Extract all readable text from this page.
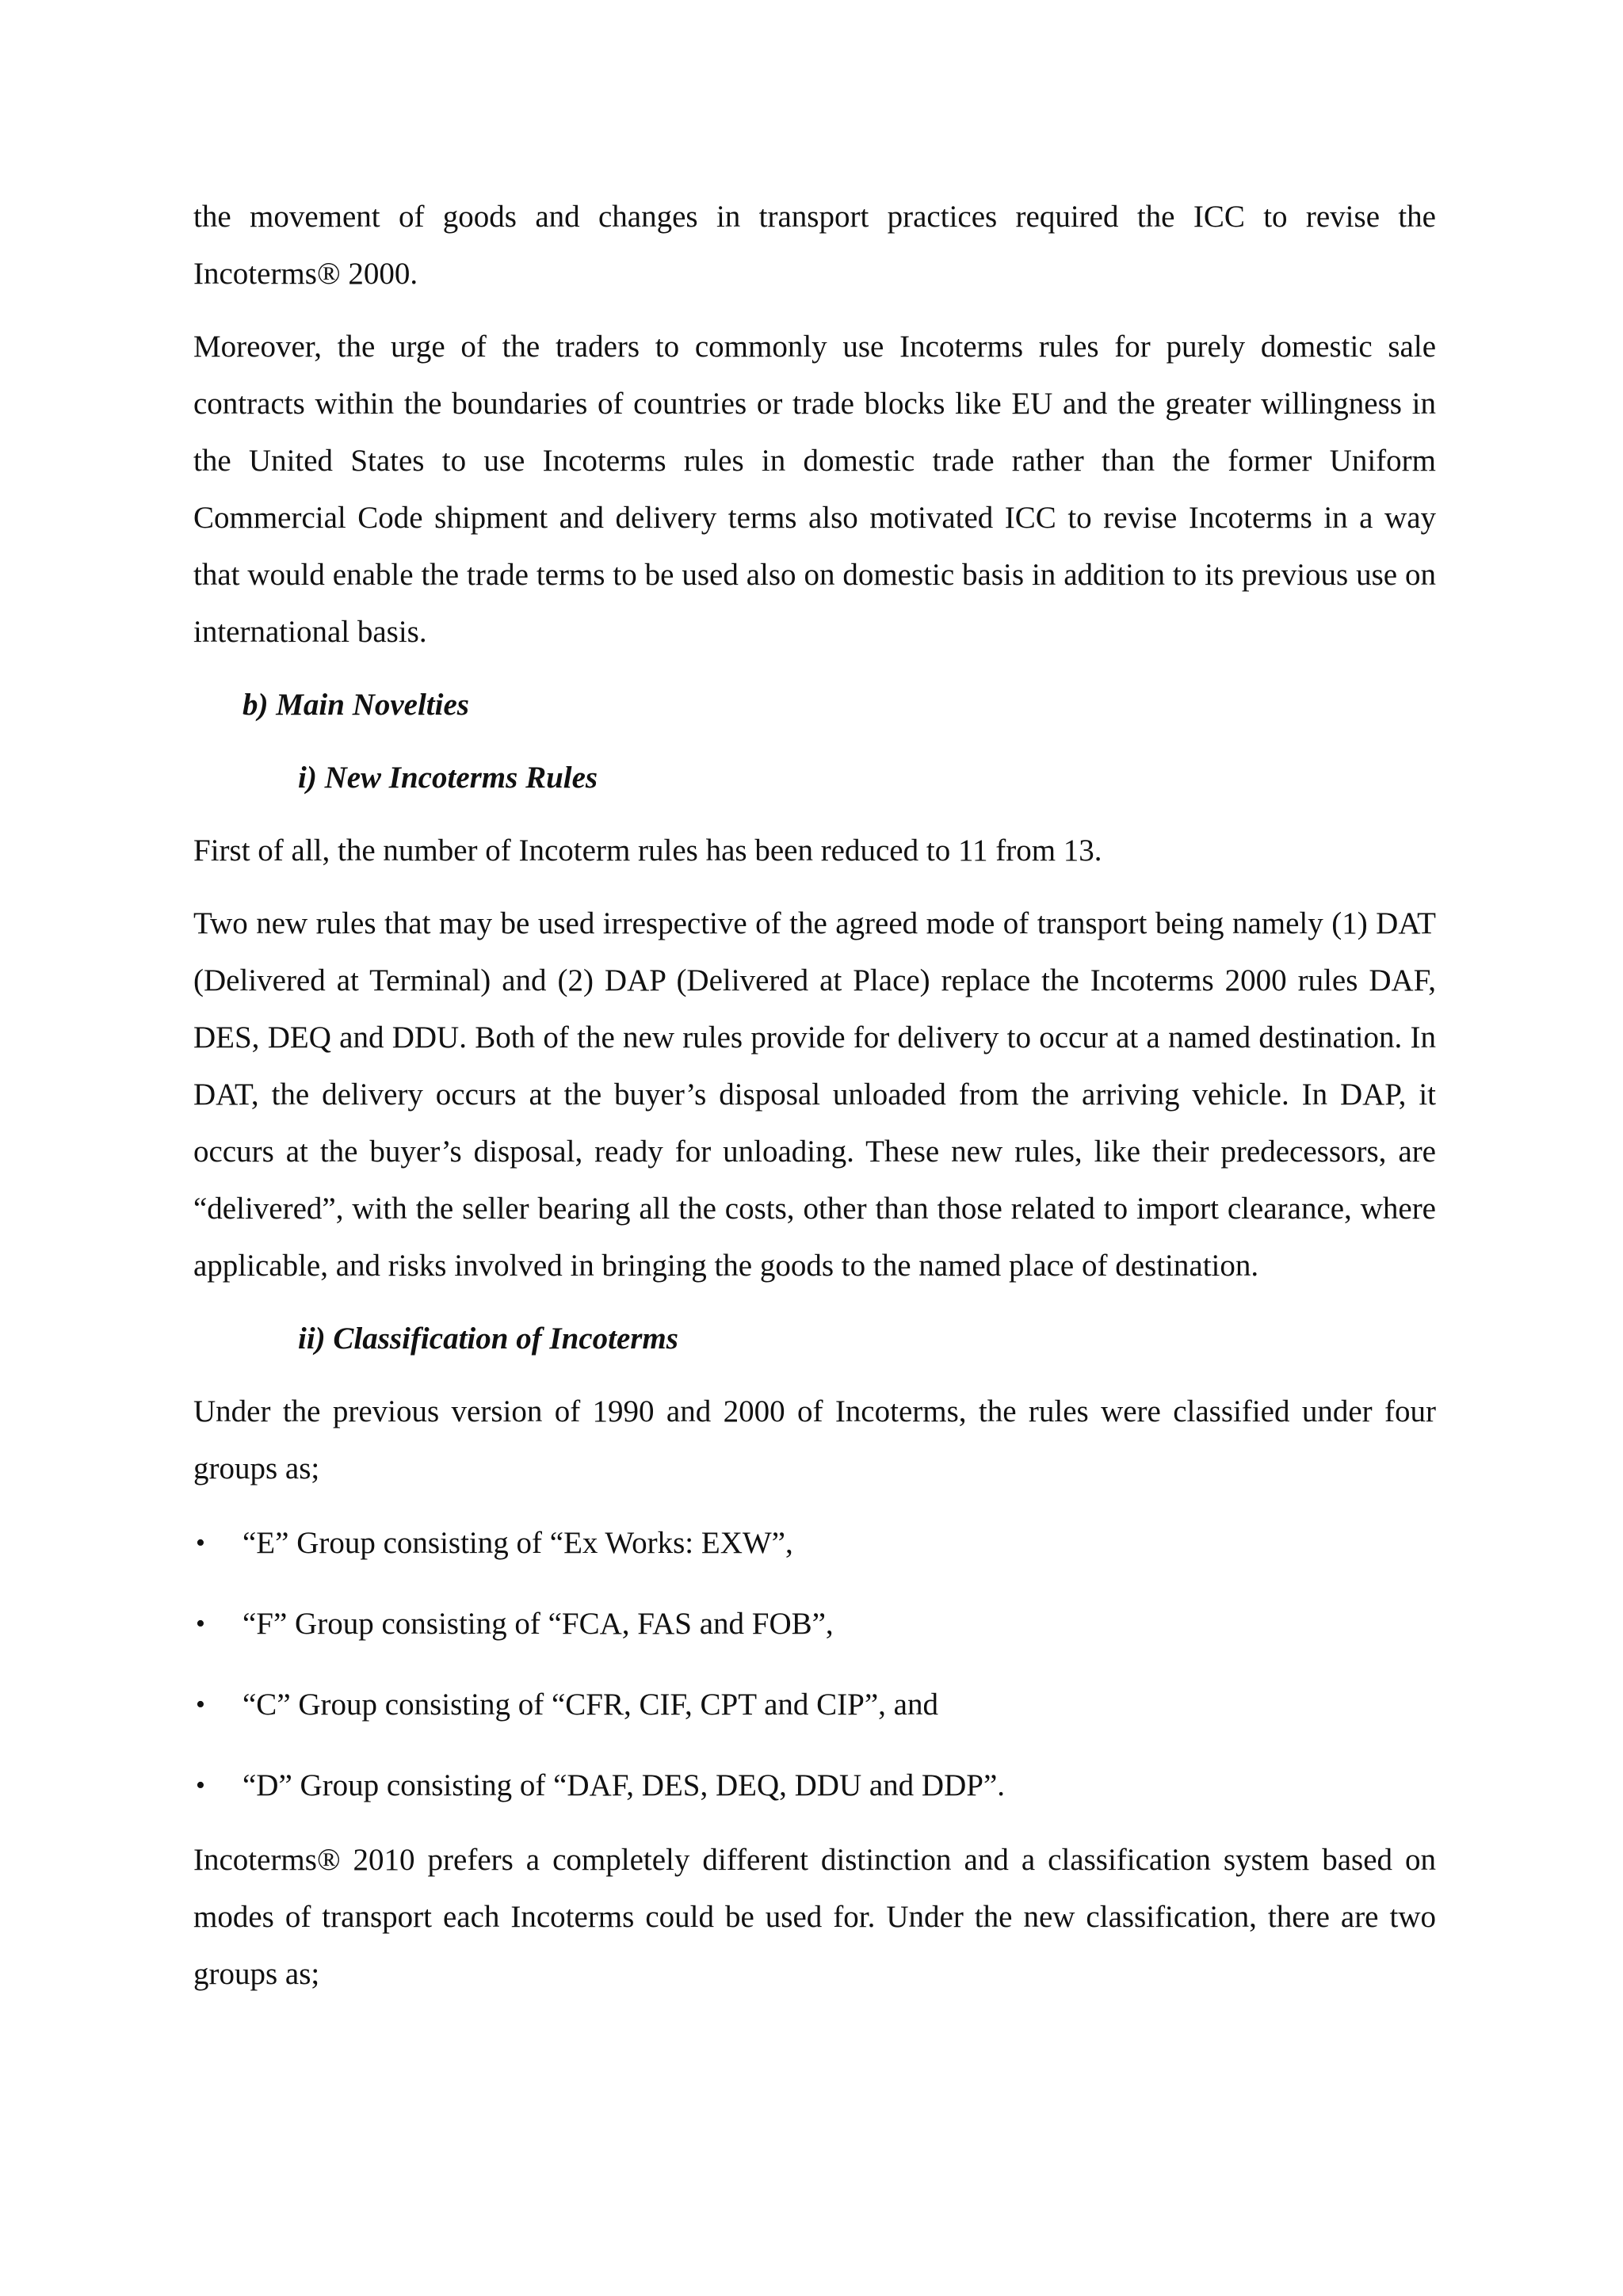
the movement of goods and changes in transport practices required the ICC to revise the Incoterms® 2000.

Moreover, the urge of the traders to commonly use Incoterms rules for purely domestic sale contracts within the boundaries of countries or trade blocks like EU and the greater willingness in the United States to use Incoterms rules in domestic trade rather than the former Uniform Commercial Code shipment and delivery terms also motivated ICC to revise Incoterms in a way that would enable the trade terms to be used also on domestic basis in addition to its previous use on international basis.

b) Main Novelties
i) New Incoterms Rules

First of all, the number of Incoterm rules has been reduced to 11 from 13.

Two new rules that may be used irrespective of the agreed mode of transport being namely (1) DAT (Delivered at Terminal) and (2) DAP (Delivered at Place) replace the Incoterms 2000 rules DAF, DES, DEQ and DDU. Both of the new rules provide for delivery to occur at a named destination. In DAT, the delivery occurs at the buyer’s disposal unloaded from the arriving vehicle. In DAP, it occurs at the buyer’s disposal, ready for unloading. These new rules, like their predecessors, are “delivered”, with the seller bearing all the costs, other than those related to import clearance, where applicable, and risks involved in bringing the goods to the named place of destination.

ii) Classification of Incoterms

Under the previous version of 1990 and 2000 of Incoterms, the rules were classified under four groups as;

• “E” Group consisting of “Ex Works: EXW”,
• “F” Group consisting of “FCA, FAS and FOB”,
• “C” Group consisting of “CFR, CIF, CPT and CIP”, and
• “D” Group consisting of “DAF, DES, DEQ, DDU and DDP”.

Incoterms® 2010 prefers a completely different distinction and a classification system based on modes of transport each Incoterms could be used for. Under the new classification, there are two groups as;
